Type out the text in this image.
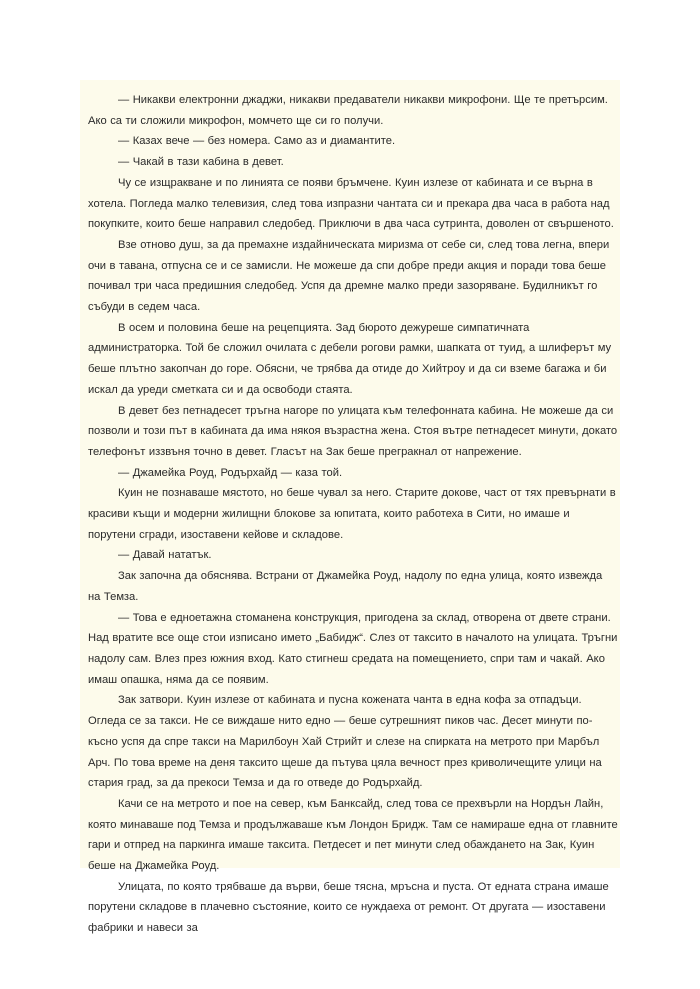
— Никакви електронни джаджи, никакви предаватели никакви микрофони. Ще те претърсим. Ако са ти сложили микрофон, момчето ще си го получи.

— Казах вече — без номера. Само аз и диамантите.

— Чакай в тази кабина в девет.

Чу се изщракване и по линията се появи бръмчене. Куин излезе от кабината и се върна в хотела. Погледа малко телевизия, след това изпразни чантата си и прекара два часа в работа над покупките, които беше направил следобед. Приключи в два часа сутринта, доволен от свършеното.

Взе отново душ, за да премахне издайническата миризма от себе си, след това легна, впери очи в тавана, отпусна се и се замисли. Не можеше да спи добре преди акция и поради това беше почивал три часа предишния следобед. Успя да дремне малко преди зазоряване. Будилникът го събуди в седем часа.

В осем и половина беше на рецепцията. Зад бюрото дежуреше симпатичната администраторка. Той бе сложил очилата с дебели рогови рамки, шапката от туид, а шлиферът му беше плътно закопчан до горе. Обясни, че трябва да отиде до Хийтроу и да си вземе багажа и би искал да уреди сметката си и да освободи стаята.

В девет без петнадесет тръгна нагоре по улицата към телефонната кабина. Не можеше да си позволи и този път в кабината да има някоя възрастна жена. Стоя вътре петнадесет минути, докато телефонът иззвъня точно в девет. Гласът на Зак беше прегракнал от напрежение.

— Джамейка Роуд, Родърхайд — каза той.

Куин не познаваше мястото, но беше чувал за него. Старите докове, част от тях превърнати в красиви къщи и модерни жилищни блокове за юпитата, които работеха в Сити, но имаше и порутени сгради, изоставени кейове и складове.

— Давай нататък.

Зак започна да обяснява. Встрани от Джамейка Роуд, надолу по една улица, която извежда на Темза.

— Това е едноетажна стоманена конструкция, пригодена за склад, отворена от двете страни. Над вратите все още стои изписано името „Бабидж“. Слез от таксито в началото на улицата. Тръгни надолу сам. Влез през южния вход. Като стигнеш средата на помещението, спри там и чакай. Ако имаш опашка, няма да се появим.

Зак затвори. Куин излезе от кабината и пусна кожената чанта в една кофа за отпадъци. Огледа се за такси. Не се виждаше нито едно — беше сутрешният пиков час. Десет минути по-късно успя да спре такси на Марилбоун Хай Стрийт и слезе на спирката на метрото при Марбъл Арч. По това време на деня таксито щеше да пътува цяла вечност през криволичещите улици на стария град, за да прекоси Темза и да го отведе до Родърхайд.

Качи се на метрото и пое на север, към Банксайд, след това се прехвърли на Нордън Лайн, която минаваше под Темза и продължаваше към Лондон Бридж. Там се намираше една от главните гари и отпред на паркинга имаше таксита. Петдесет и пет минути след обаждането на Зак, Куин беше на Джамейка Роуд.

Улицата, по която трябваше да върви, беше тясна, мръсна и пуста. От едната страна имаше порутени складове в плачевно състояние, които се нуждаеха от ремонт. От другата — изоставени фабрики и навеси за
